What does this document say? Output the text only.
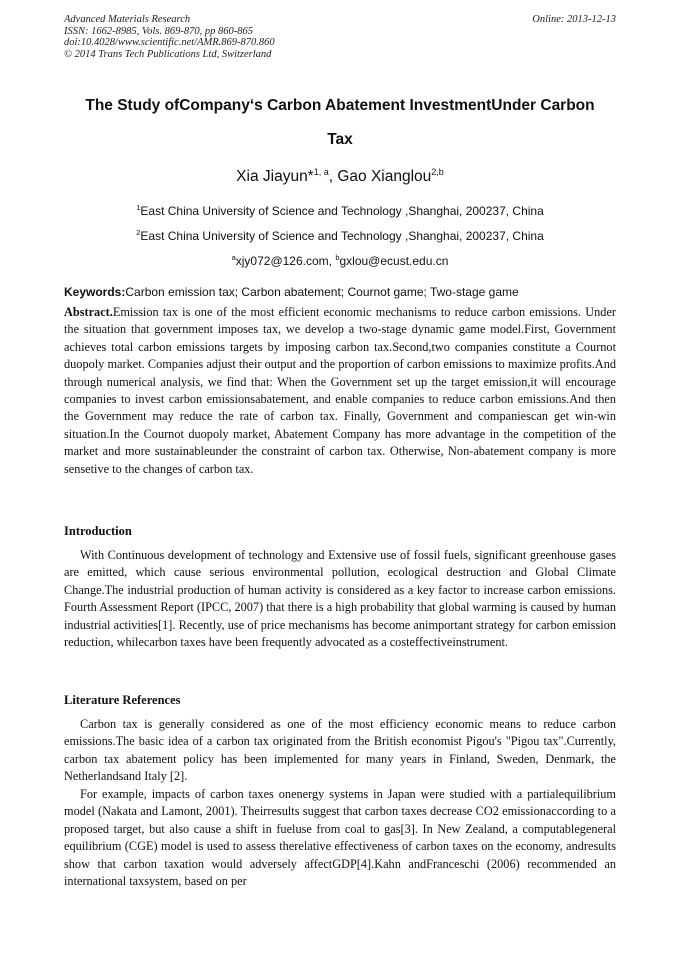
Advanced Materials Research
ISSN: 1662-8985, Vols. 869-870, pp 860-865
doi:10.4028/www.scientific.net/AMR.869-870.860
© 2014 Trans Tech Publications Ltd, Switzerland
Online: 2013-12-13
The Study ofCompany‘s Carbon Abatement InvestmentUnder Carbon
Tax
Xia Jiayun*$^{1, a}$, Gao Xianglou$^{2,b}$
$^1$East China University of Science and Technology ,Shanghai, 200237, China
$^2$East China University of Science and Technology ,Shanghai, 200237, China
$^a$xjy072@126.com, $^b$gxlou@ecust.edu.cn
Keywords:Carbon emission tax; Carbon abatement; Cournot game; Two-stage game
Abstract.Emission tax is one of the most efficient economic mechanisms to reduce carbon emissions. Under the situation that government imposes tax, we develop a two-stage dynamic game model.First, Government achieves total carbon emissions targets by imposing carbon tax.Second,two companies constitute a Cournot duopoly market. Companies adjust their output and the proportion of carbon emissions to maximize profits.And through numerical analysis, we find that: When the Government set up the target emission,it will encourage companies to invest carbon emissionsabatement, and enable companies to reduce carbon emissions.And then the Government may reduce the rate of carbon tax. Finally, Government and companiescan get win-win situation.In the Cournot duopoly market, Abatement Company has more advantage in the competition of the market and more sustainableunder the constraint of carbon tax. Otherwise, Non-abatement company is more sensetive to the changes of carbon tax.
Introduction
With Continuous development of technology and Extensive use of fossil fuels, significant greenhouse gases are emitted, which cause serious environmental pollution, ecological destruction and Global Climate Change.The industrial production of human activity is considered as a key factor to increase carbon emissions. Fourth Assessment Report (IPCC, 2007) that there is a high probability that global warming is caused by human industrial activities[1]. Recently, use of price mechanisms has become animportant strategy for carbon emission reduction, whilecarbon taxes have been frequently advocated as a costeffectiveinstrument.
Literature References
Carbon tax is generally considered as one of the most efficiency economic means to reduce carbon emissions.The basic idea of a carbon tax originated from the British economist Pigou's "Pigou tax".Currently, carbon tax abatement policy has been implemented for many years in Finland, Sweden, Denmark, the Netherlandsand Italy [2].
For example, impacts of carbon taxes onenergy systems in Japan were studied with a partialequilibrium model (Nakata and Lamont, 2001). Theirresults suggest that carbon taxes decrease CO2 emissionaccording to a proposed target, but also cause a shift in fueluse from coal to gas[3]. In New Zealand, a computablegeneral equilibrium (CGE) model is used to assess therelative effectiveness of carbon taxes on the economy, andresults show that carbon taxation would adversely affectGDP[4].Kahn andFranceschi (2006) recommended an international taxsystem, based on per
